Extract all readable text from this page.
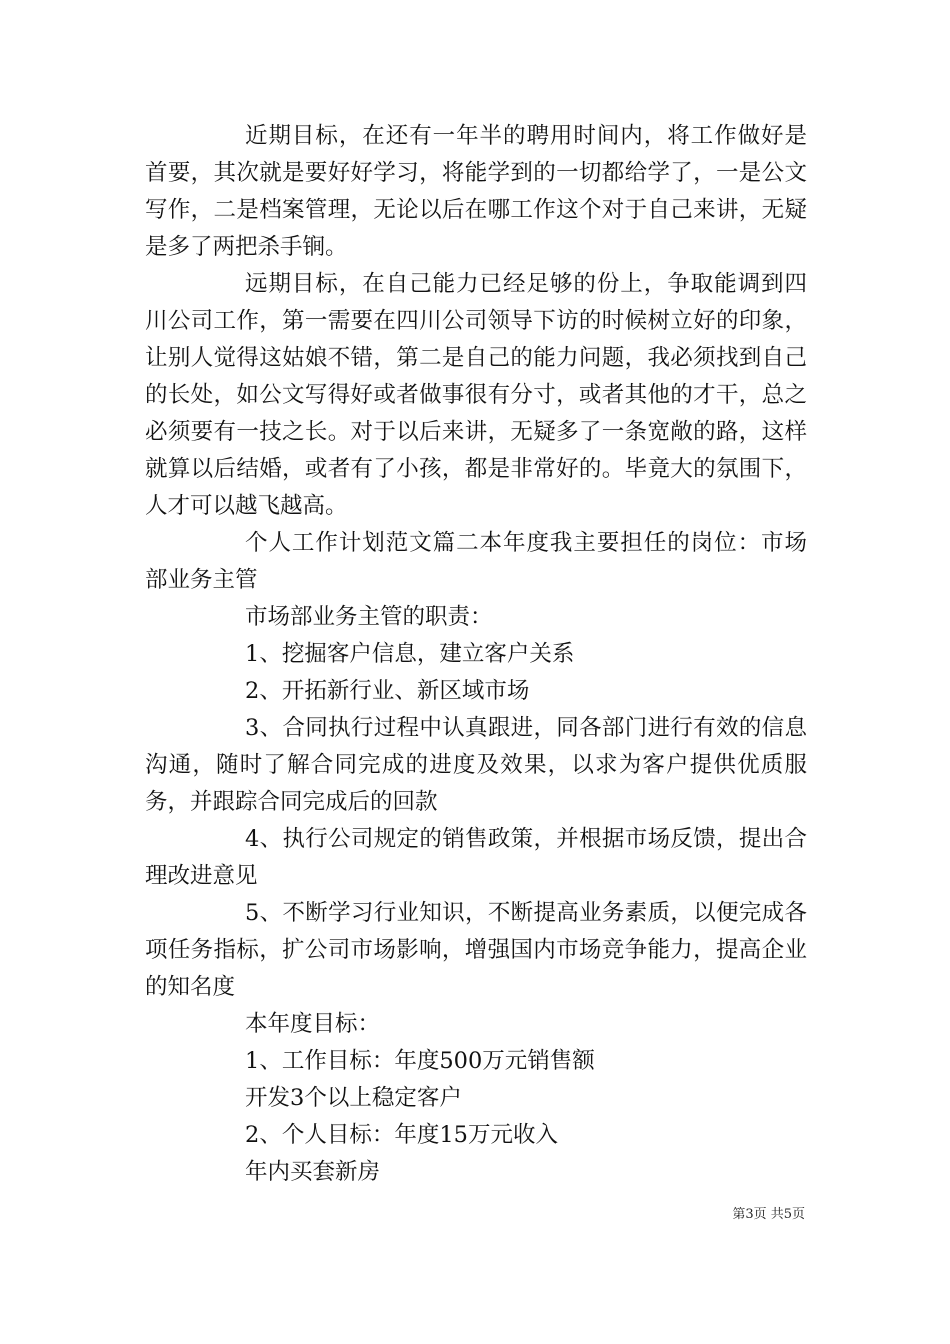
近期目标，在还有一年半的聘用时间内，将工作做好是首要，其次就是要好好学习，将能学到的一切都给学了，一是公文写作，二是档案管理，无论以后在哪工作这个对于自己来讲，无疑是多了两把杀手锏。

远期目标，在自己能力已经足够的份上，争取能调到四川公司工作，第一需要在四川公司领导下访的时候树立好的印象，让别人觉得这姑娘不错，第二是自己的能力问题，我必须找到自己的长处，如公文写得好或者做事很有分寸，或者其他的才干，总之必须要有一技之长。对于以后来讲，无疑多了一条宽敞的路，这样就算以后结婚，或者有了小孩，都是非常好的。毕竟大的氛围下，人才可以越飞越高。

个人工作计划范文篇二本年度我主要担任的岗位：市场部业务主管

市场部业务主管的职责：

1、挖掘客户信息，建立客户关系

2、开拓新行业、新区域市场

3、合同执行过程中认真跟进，同各部门进行有效的信息沟通，随时了解合同完成的进度及效果，以求为客户提供优质服务，并跟踪合同完成后的回款

4、执行公司规定的销售政策，并根据市场反馈，提出合理改进意见

5、不断学习行业知识，不断提高业务素质，以便完成各项任务指标，扩公司市场影响，增强国内市场竞争能力，提高企业的知名度

本年度目标：

1、工作目标：年度500万元销售额

开发3个以上稳定客户

2、个人目标：年度15万元收入

年内买套新房

第3页 共5页
